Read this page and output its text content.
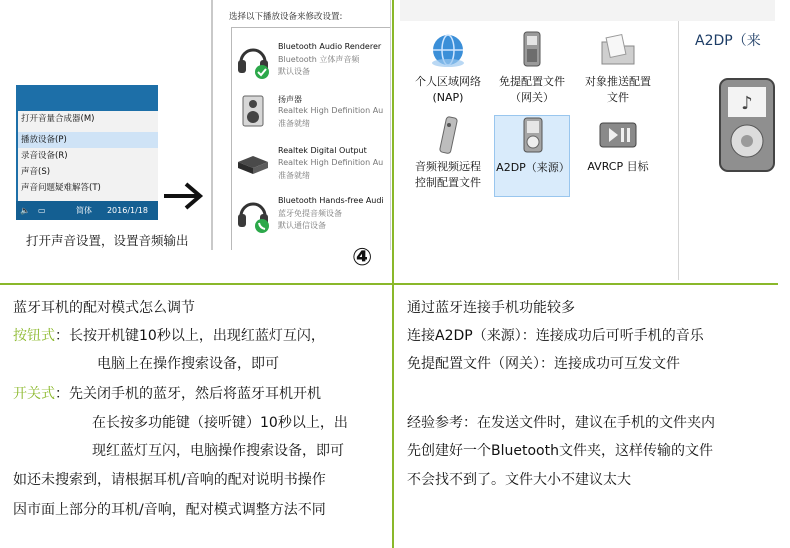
打开音量合成器(M)
播放设备(P)
录音设备(R)
声音(S)
声音问题疑难解答(T)
🔈 ▭	简体 2016/1/18
打开声音设置，设置音频输出
选择以下播放设备来修改设置:
Bluetooth Audio Renderer
Bluetooth 立体声音频
默认设备
扬声器
Realtek High Definition Au
准备就绪
Realtek Digital Output
Realtek High Definition Au
准备就绪
Bluetooth Hands-free Audi
蓝牙免提音频设备
默认通信设备
④
个人区域网络 (NAP)
免提配置文件（网关）
对象推送配置文件
音频视频远程控制配置文件
A2DP（来源）	AVRCP 目标
A2DP（来
♪
蓝牙耳机的配对模式怎么调节
按钮式：长按开机键10秒以上，出现红蓝灯互闪，
电脑上在操作搜索设备，即可
开关式：先关闭手机的蓝牙，然后将蓝牙耳机开机
在长按多功能键（接听键）10秒以上，出
现红蓝灯互闪，电脑操作搜索设备，即可
如还未搜索到，请根据耳机/音响的配对说明书操作
因市面上部分的耳机/音响，配对模式调整方法不同
通过蓝牙连接手机功能较多
连接A2DP（来源）：连接成功后可听手机的音乐
免提配置文件（网关）：连接成功可互发文件
经验参考：在发送文件时，建议在手机的文件夹内
先创建好一个Bluetooth文件夹，这样传输的文件
不会找不到了。文件大小不建议太大
